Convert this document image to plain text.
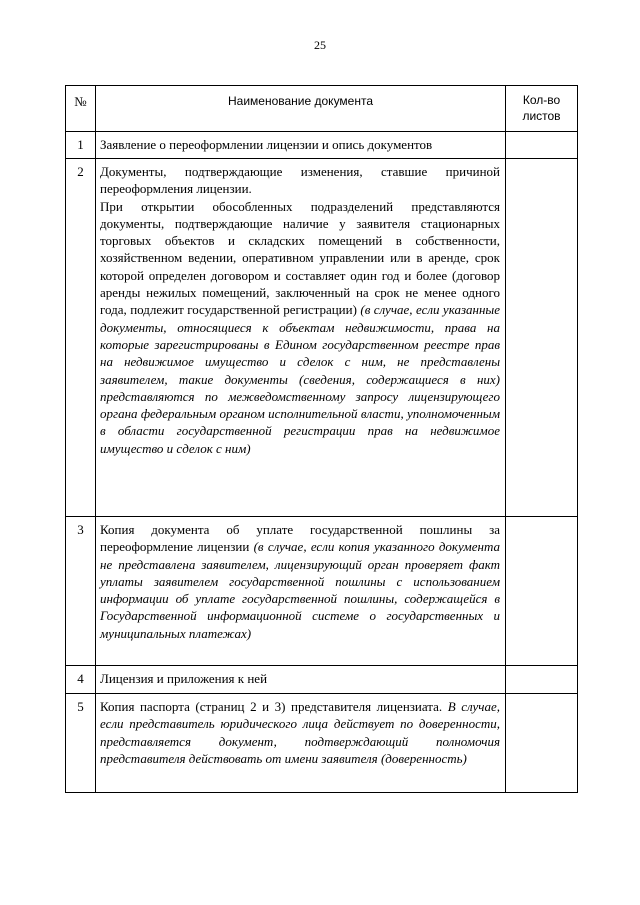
25
№	Наименование документа	Кол-во листов
1	Заявление о переоформлении лицензии и опись документов	
2	Документы, подтверждающие изменения, ставшие причиной переоформления лицензии.

При открытии обособленных подразделений представляются документы, подтверждающие наличие у заявителя стационарных торговых объектов и складских помещений в собственности, хозяйственном ведении, оперативном управлении или в аренде, срок которой определен договором и составляет один год и более (договор аренды нежилых помещений, заключенный на срок не менее одного года, подлежит государственной регистрации) (в случае, если указанные документы, относящиеся к объектам недвижимости, права на которые зарегистрированы в Едином государственном реестре прав на недвижимое имущество и сделок с ним, не представлены заявителем, такие документы (сведения, содержащиеся в них) представляются по межведомственному запросу лицензирующего органа федеральным органом исполнительной власти, уполномоченным в области государственной регистрации прав на недвижимое имущество и сделок с ним)	

3	Копия документа об уплате государственной пошлины за переоформление лицензии (в случае, если копия указанного документа не представлена заявителем, лицензирующий орган проверяет факт уплаты заявителем государственной пошлины с использованием информации об уплате государственной пошлины, содержащейся в Государственной информационной системе о государственных и муниципальных платежах)	
4	Лицензия и приложения к ней	
5	Копия паспорта (страниц 2 и 3) представителя лицензиата. В случае, если представитель юридического лица действует по доверенности, представляется документ, подтверждающий полномочия представителя действовать от имени заявителя (доверенность)	
